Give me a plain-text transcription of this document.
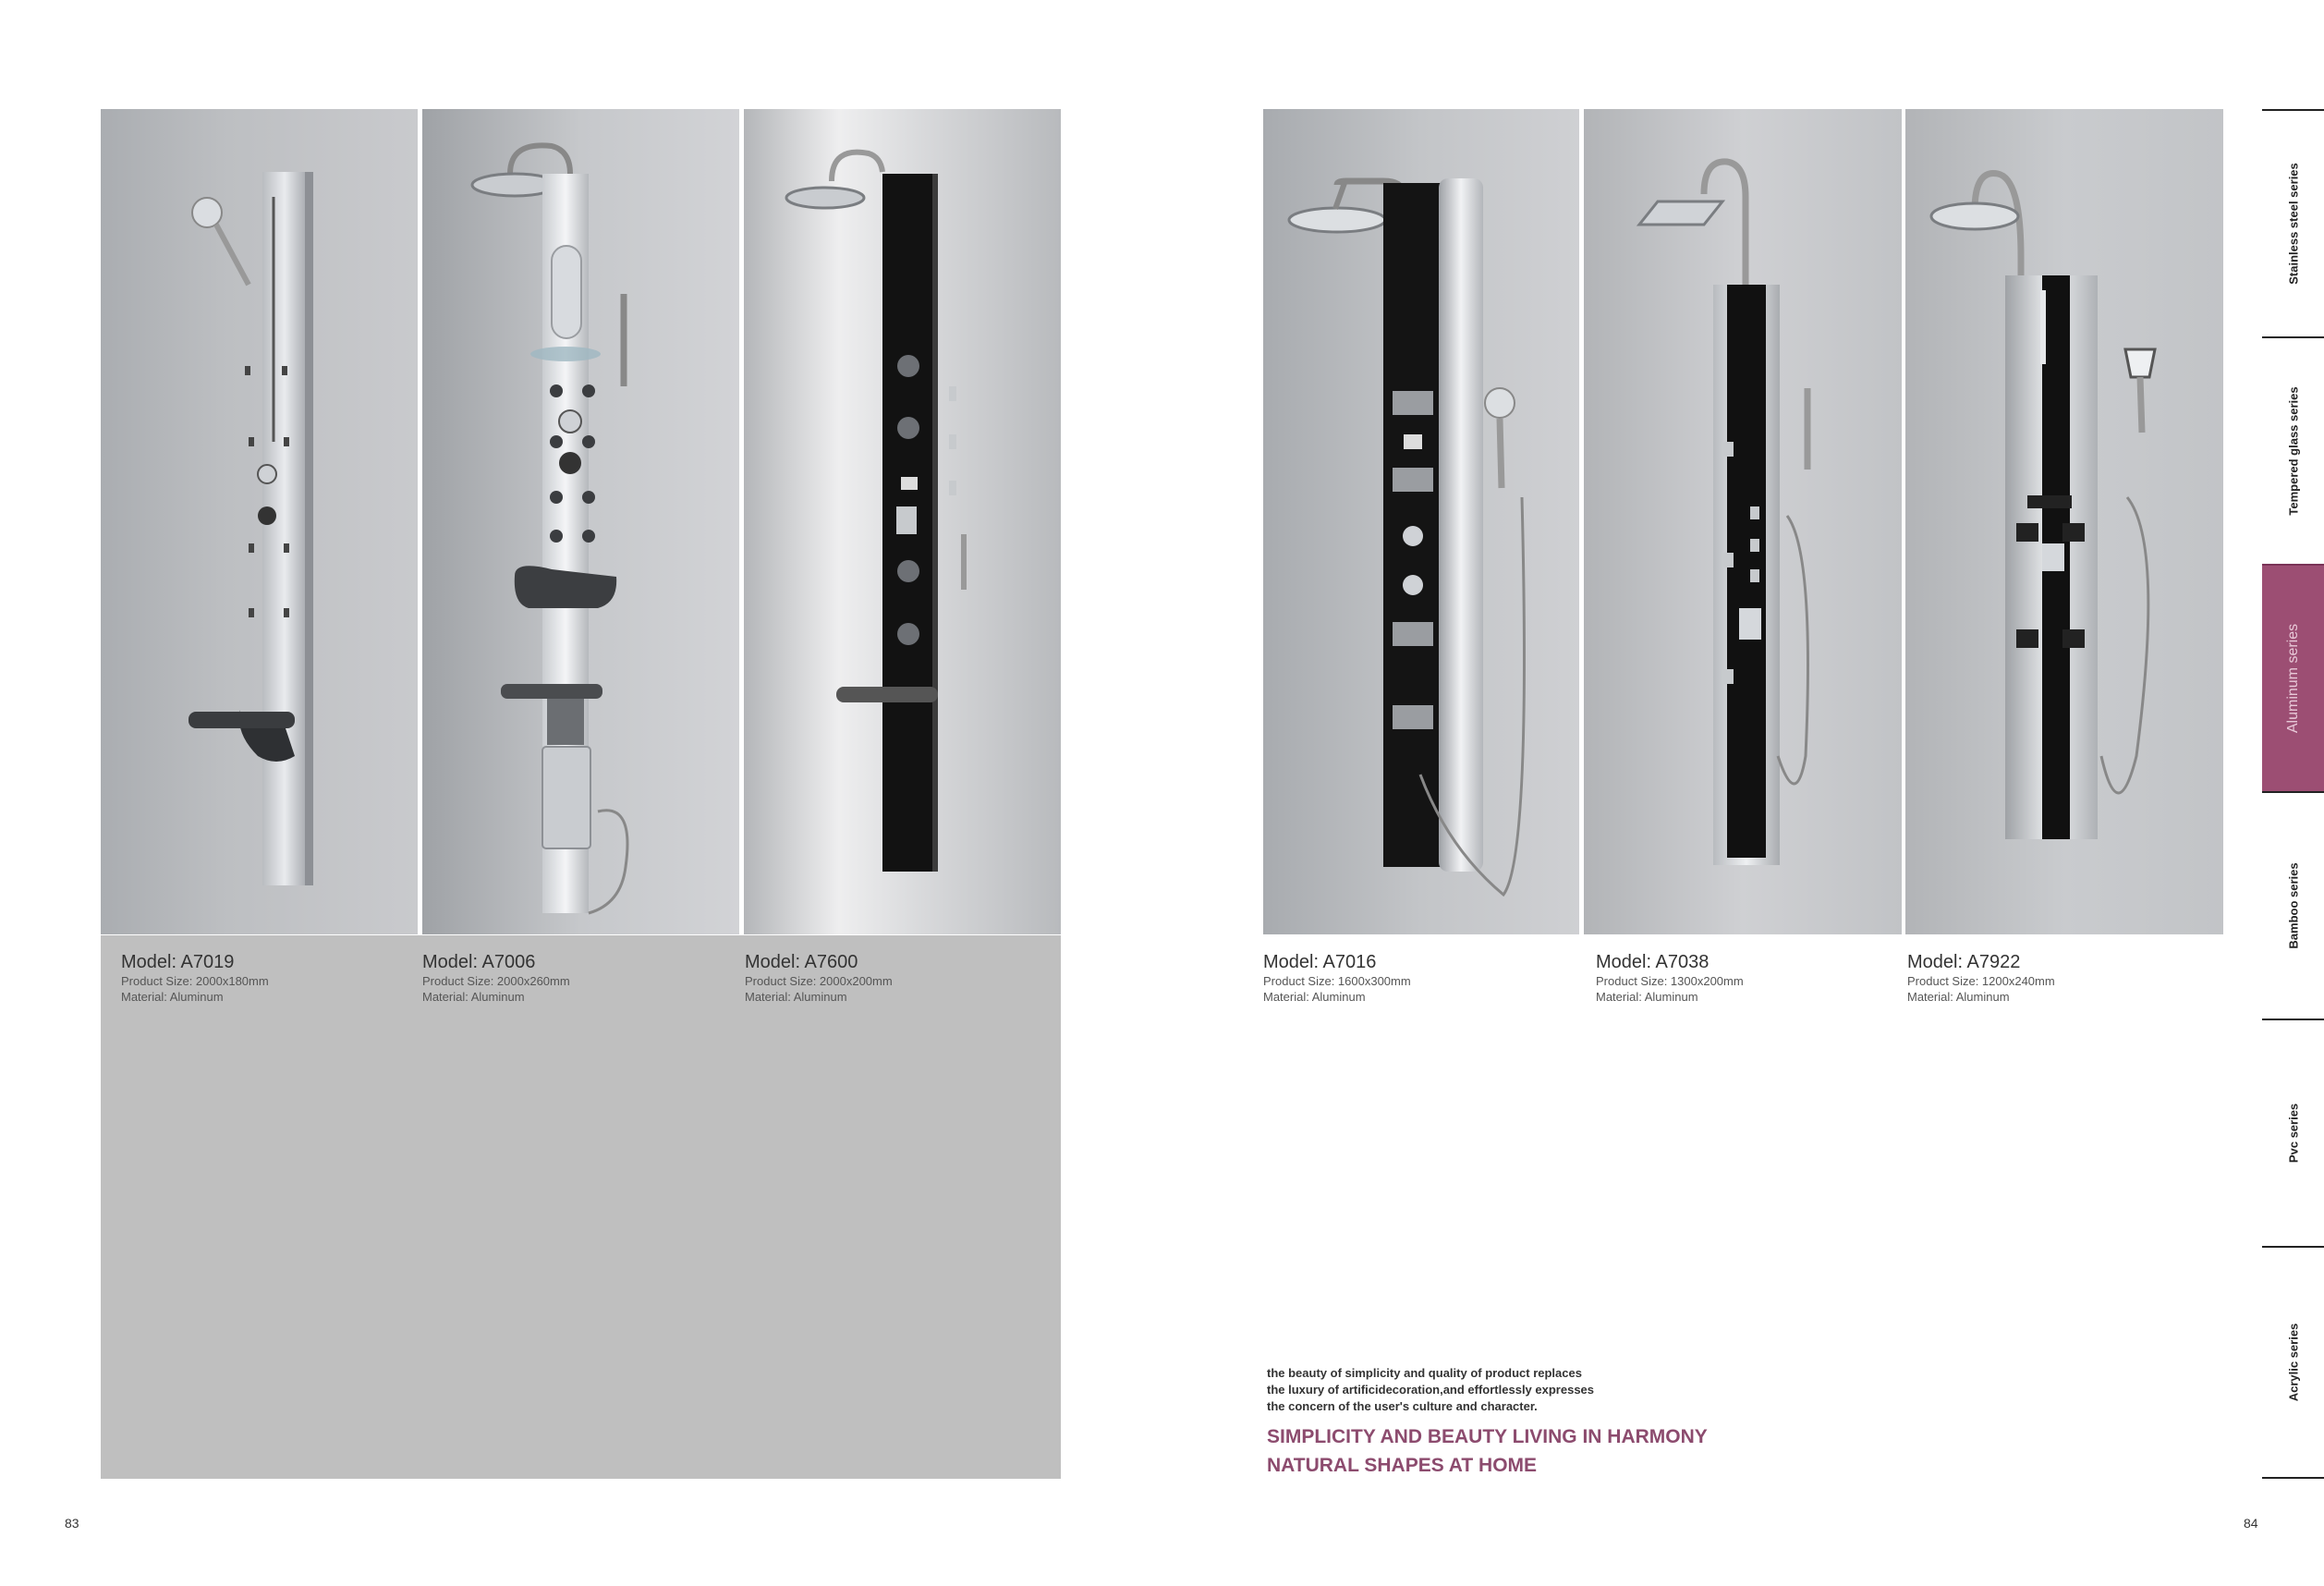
Model: A7019
Product Size: 2000x180mm
Material: Aluminum
Model: A7006
Product Size: 2000x260mm
Material: Aluminum
Model: A7600
Product Size: 2000x200mm
Material: Aluminum
Model: A7016
Product Size: 1600x300mm
Material: Aluminum
Model: A7038
Product Size: 1300x200mm
Material: Aluminum
Model: A7922
Product Size: 1200x240mm
Material: Aluminum
the beauty of simplicity and quality of product replaces
the luxury of artificidecoration,and effortlessly expresses
the concern of the user's culture and character.
SIMPLICITY AND BEAUTY LIVING IN HARMONY
NATURAL SHAPES AT HOME
83	84
Stainless steel series
Tempered glass series
Aluminum series
Bamboo series
Pvc series
Acrylic series
